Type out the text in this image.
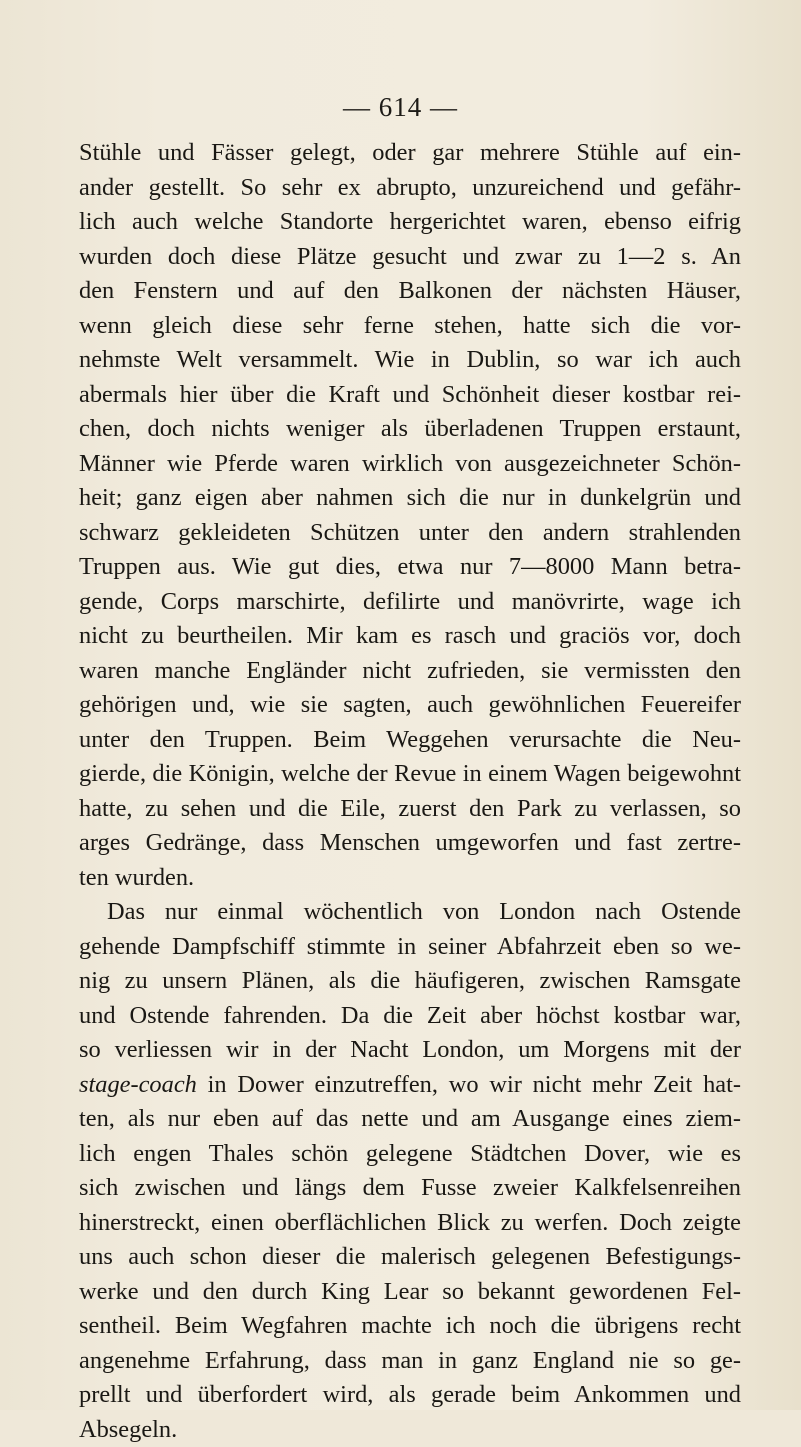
— 614 —
Stühle und Fässer gelegt, oder gar mehrere Stühle auf ein-
ander gestellt. So sehr ex abrupto, unzureichend und gefähr-
lich auch welche Standorte hergerichtet waren, ebenso eifrig
wurden doch diese Plätze gesucht und zwar zu 1—2 s. An
den Fenstern und auf den Balkonen der nächsten Häuser,
wenn gleich diese sehr ferne stehen, hatte sich die vor-
nehmste Welt versammelt. Wie in Dublin, so war ich auch
abermals hier über die Kraft und Schönheit dieser kostbar rei-
chen, doch nichts weniger als überladenen Truppen erstaunt,
Männer wie Pferde waren wirklich von ausgezeichneter Schön-
heit; ganz eigen aber nahmen sich die nur in dunkelgrün und
schwarz gekleideten Schützen unter den andern strahlenden
Truppen aus. Wie gut dies, etwa nur 7—8000 Mann betra-
gende, Corps marschirte, defilirte und manövrirte, wage ich
nicht zu beurtheilen. Mir kam es rasch und graciös vor, doch
waren manche Engländer nicht zufrieden, sie vermissten den
gehörigen und, wie sie sagten, auch gewöhnlichen Feuereifer
unter den Truppen. Beim Weggehen verursachte die Neu-
gierde, die Königin, welche der Revue in einem Wagen beigewohnt
hatte, zu sehen und die Eile, zuerst den Park zu verlassen, so
arges Gedränge, dass Menschen umgeworfen und fast zertre-
ten wurden.
Das nur einmal wöchentlich von London nach Ostende
gehende Dampfschiff stimmte in seiner Abfahrzeit eben so we-
nig zu unsern Plänen, als die häufigeren, zwischen Ramsgate
und Ostende fahrenden. Da die Zeit aber höchst kostbar war,
so verliessen wir in der Nacht London, um Morgens mit der
stage-coach in Dower einzutreffen, wo wir nicht mehr Zeit hat-
ten, als nur eben auf das nette und am Ausgange eines ziem-
lich engen Thales schön gelegene Städtchen Dover, wie es
sich zwischen und längs dem Fusse zweier Kalkfelsenreihen
hinerstreckt, einen oberflächlichen Blick zu werfen. Doch zeigte
uns auch schon dieser die malerisch gelegenen Befestigungs-
werke und den durch King Lear so bekannt gewordenen Fel-
sentheil. Beim Wegfahren machte ich noch die übrigens recht
angenehme Erfahrung, dass man in ganz England nie so ge-
prellt und überfordert wird, als gerade beim Ankommen und
Absegeln.
